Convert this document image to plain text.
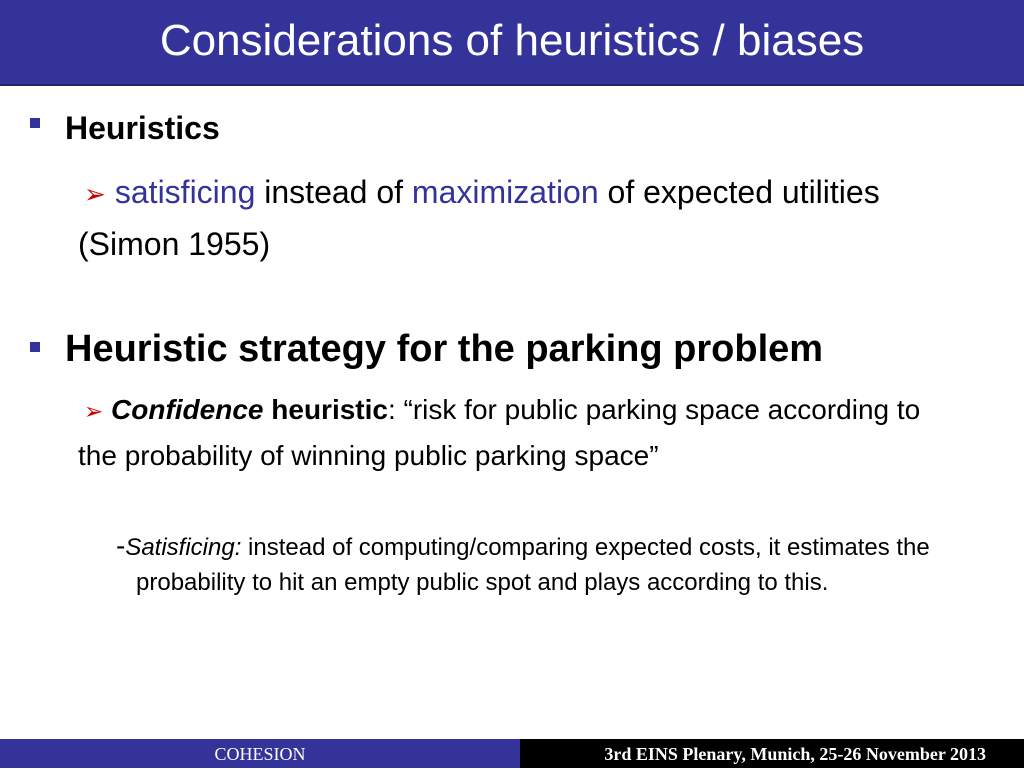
Considerations of heuristics / biases
Heuristics
➢ satisficing instead of maximization of expected utilities (Simon 1955)
Heuristic strategy for the parking problem
➢ Confidence heuristic: “risk for public parking space according to the probability of winning public parking space”
-Satisficing: instead of computing/comparing expected costs, it estimates the probability to hit an empty public spot and plays according to this.
COHESION	3rd EINS Plenary, Munich, 25-26 November 2013
